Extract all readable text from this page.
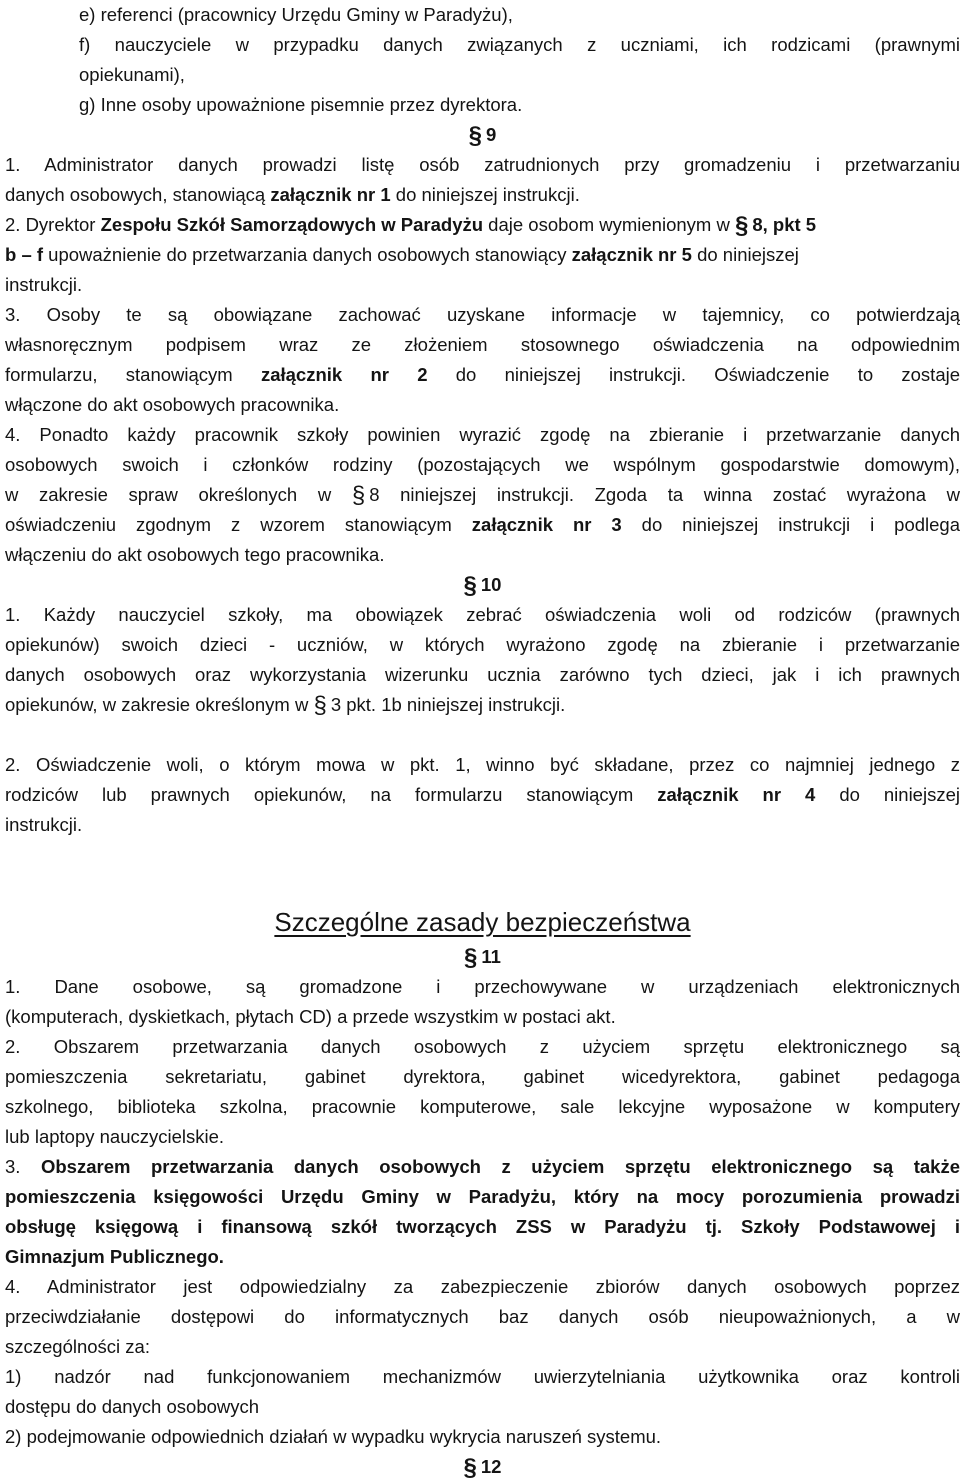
e) referenci (pracownicy Urzędu Gminy w Paradyżu),
f) nauczyciele w przypadku danych związanych z uczniami, ich rodzicami (prawnymi
opiekunami),
g) Inne osoby upoważnione pisemnie przez dyrektora.
§ 9
1. Administrator danych prowadzi listę osób zatrudnionych przy gromadzeniu i przetwarzaniu
danych osobowych, stanowiącą załącznik nr 1 do niniejszej instrukcji.
2. Dyrektor Zespołu Szkół Samorządowych w Paradyżu daje osobom wymienionym w § 8, pkt 5
b – f upoważnienie do przetwarzania danych osobowych stanowiący załącznik nr 5 do niniejszej
instrukcji.
3. Osoby te są obowiązane zachować uzyskane informacje w tajemnicy, co potwierdzają
własnoręcznym podpisem wraz ze złożeniem stosownego oświadczenia na odpowiednim
formularzu, stanowiącym załącznik nr 2 do niniejszej instrukcji. Oświadczenie to zostaje
włączone do akt osobowych pracownika.
4. Ponadto każdy pracownik szkoły powinien wyrazić zgodę na zbieranie i przetwarzanie danych
osobowych swoich i członków rodziny (pozostających we wspólnym gospodarstwie domowym),
w zakresie spraw określonych w § 8 niniejszej instrukcji. Zgoda ta winna zostać wyrażona w
oświadczeniu zgodnym z wzorem stanowiącym załącznik nr 3 do niniejszej instrukcji i podlega
włączeniu do akt osobowych tego pracownika.
§ 10
1. Każdy nauczyciel szkoły, ma obowiązek zebrać oświadczenia woli od rodziców (prawnych
opiekunów) swoich dzieci - uczniów, w których wyrażono zgodę na zbieranie i przetwarzanie
danych osobowych oraz wykorzystania wizerunku ucznia zarówno tych dzieci, jak i ich prawnych
opiekunów, w zakresie określonym w § 3 pkt. 1b niniejszej instrukcji.
2. Oświadczenie woli, o którym mowa w pkt. 1, winno być składane, przez co najmniej jednego z
rodziców lub prawnych opiekunów, na formularzu stanowiącym załącznik nr 4 do niniejszej
instrukcji.
Szczególne zasady bezpieczeństwa
§ 11
1. Dane osobowe, są gromadzone i przechowywane w urządzeniach elektronicznych
(komputerach, dyskietkach, płytach CD) a przede wszystkim w postaci akt.
2. Obszarem przetwarzania danych osobowych z użyciem sprzętu elektronicznego są
pomieszczenia sekretariatu, gabinet dyrektora, gabinet wicedyrektora, gabinet pedagoga
szkolnego, biblioteka szkolna, pracownie komputerowe, sale lekcyjne wyposażone w komputery
lub laptopy nauczycielskie.
3. Obszarem przetwarzania danych osobowych z użyciem sprzętu elektronicznego są także
pomieszczenia księgowości Urzędu Gminy w Paradyżu, który na mocy porozumienia prowadzi
obsługę księgową i finansową szkół tworzących ZSS w Paradyżu tj. Szkoły Podstawowej i
Gimnazjum Publicznego.
4. Administrator jest odpowiedzialny za zabezpieczenie zbiorów danych osobowych poprzez
przeciwdziałanie dostępowi do informatycznych baz danych osób nieupoważnionych, a w
szczególności za:
1) nadzór nad funkcjonowaniem mechanizmów uwierzytelniania użytkownika oraz kontroli
dostępu do danych osobowych
2) podejmowanie odpowiednich działań w wypadku wykrycia naruszeń systemu.
§ 12
